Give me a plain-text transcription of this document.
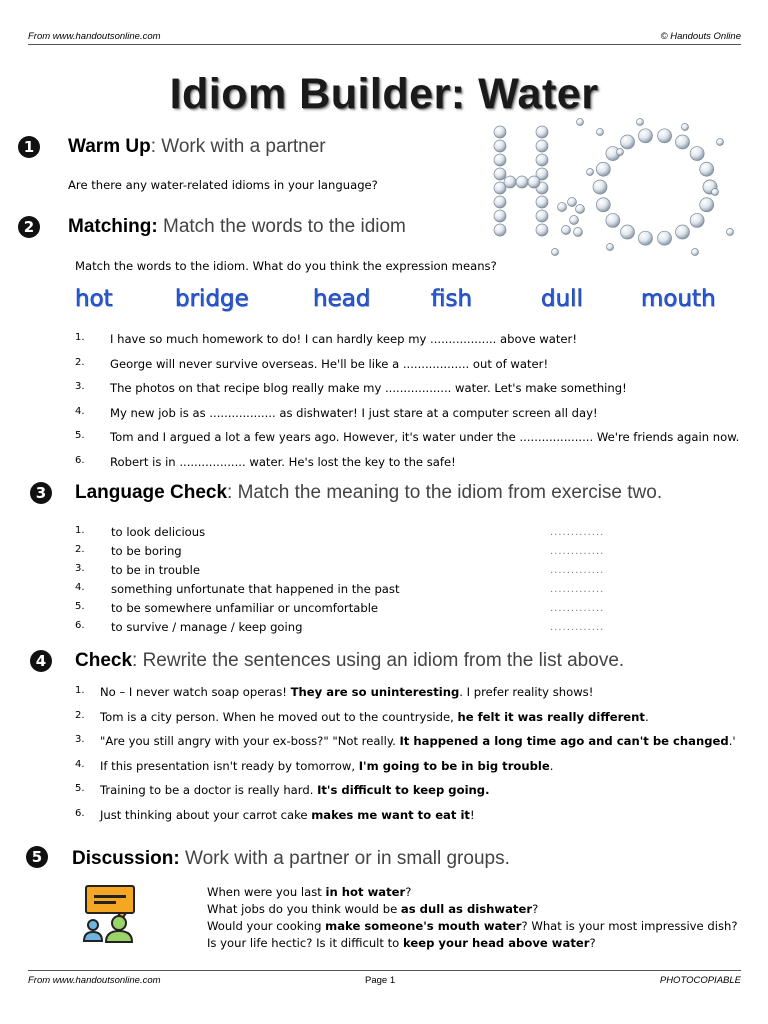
From www.handoutsonline.com	© Handouts Online
Idiom Builder: Water
1	Warm Up: Work with a partner
Are there any water-related idioms in your language?
2	Matching: Match the words to the idiom
Match the words to the idiom. What do you think the expression means?
hot	bridge	head	fish	dull	mouth
1. I have so much homework to do! I can hardly keep my .................. above water!
2. George will never survive overseas. He'll be like a .................. out of water!
3. The photos on that recipe blog really make my .................. water. Let's make something!
4. My new job is as .................. as dishwater! I just stare at a computer screen all day!
5. Tom and I argued a lot a few years ago. However, it's water under the .................... We're friends again now.
6. Robert is in .................. water. He's lost the key to the safe!
3	Language Check: Match the meaning to the idiom from exercise two.
1. to look delicious	.............
2. to be boring	.............
3. to be in trouble	.............
4. something unfortunate that happened in the past	.............
5. to be somewhere unfamiliar or uncomfortable	.............
6. to survive / manage / keep going	.............
4	Check: Rewrite the sentences using an idiom from the list above.
1. No – I never watch soap operas! They are so uninteresting. I prefer reality shows!
2. Tom is a city person. When he moved out to the countryside, he felt it was really different.
3. "Are you still angry with your ex-boss?" "Not really. It happened a long time ago and can't be changed.'
4. If this presentation isn't ready by tomorrow, I'm going to be in big trouble.
5. Training to be a doctor is really hard. It's difficult to keep going.
6. Just thinking about your carrot cake makes me want to eat it!
5	Discussion: Work with a partner or in small groups.
When were you last in hot water?
What jobs do you think would be as dull as dishwater?
Would your cooking make someone's mouth water? What is your most impressive dish?
Is your life hectic? Is it difficult to keep your head above water?
From www.handoutsonline.com	Page 1	PHOTOCOPIABLE
